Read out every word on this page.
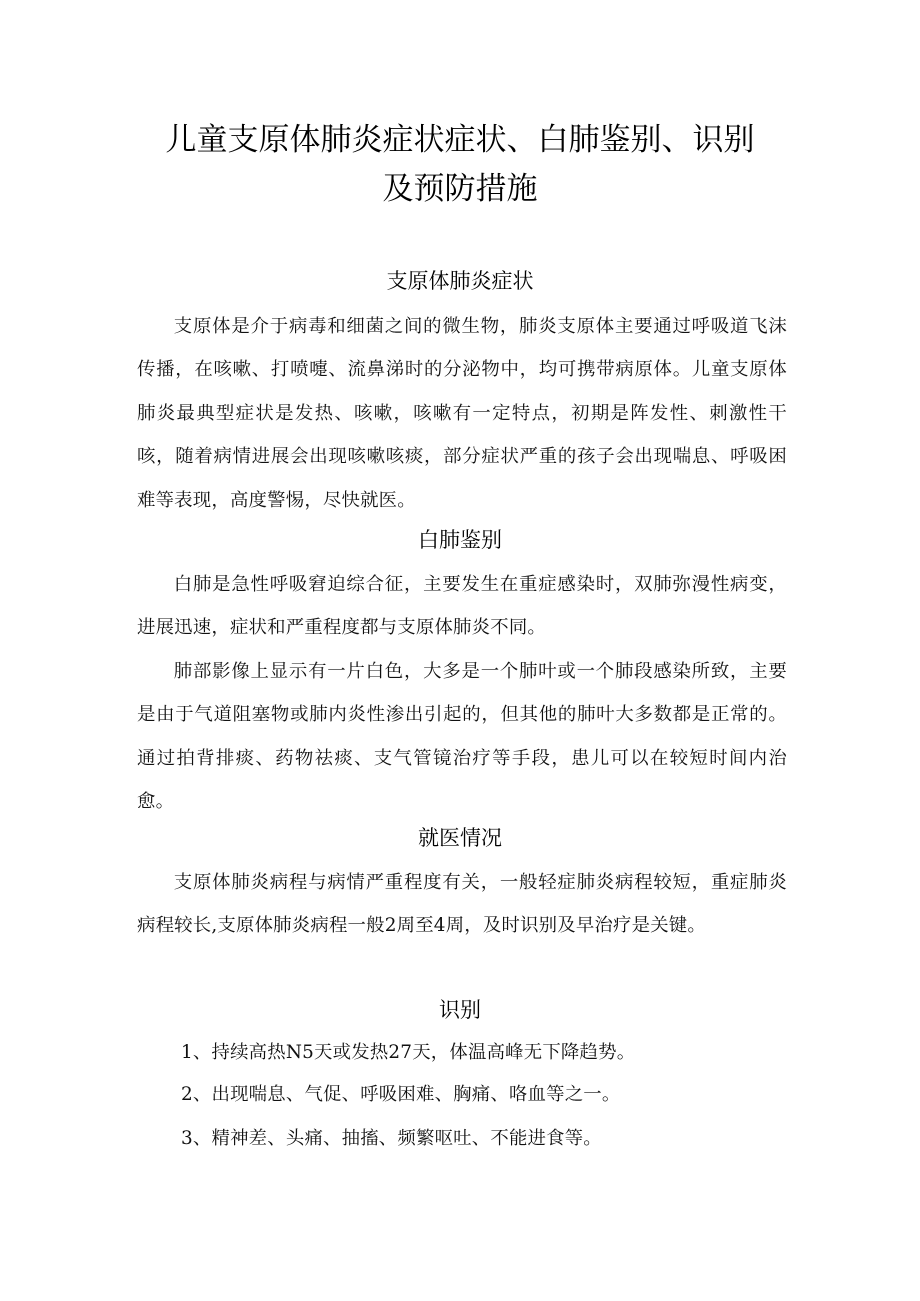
儿童支原体肺炎症状症状、白肺鉴别、识别
及预防措施
支原体肺炎症状

支原体是介于病毒和细菌之间的微生物，肺炎支原体主要通过呼吸道飞沫传播，在咳嗽、打喷嚏、流鼻涕时的分泌物中，均可携带病原体。儿童支原体肺炎最典型症状是发热、咳嗽，咳嗽有一定特点，初期是阵发性、刺激性干咳，随着病情进展会出现咳嗽咳痰，部分症状严重的孩子会出现喘息、呼吸困难等表现，高度警惕，尽快就医。

白肺鉴别

白肺是急性呼吸窘迫综合征，主要发生在重症感染时，双肺弥漫性病变，进展迅速，症状和严重程度都与支原体肺炎不同。

肺部影像上显示有一片白色，大多是一个肺叶或一个肺段感染所致，主要是由于气道阻塞物或肺内炎性渗出引起的，但其他的肺叶大多数都是正常的。通过拍背排痰、药物祛痰、支气管镜治疗等手段，患儿可以在较短时间内治愈。

就医情况

支原体肺炎病程与病情严重程度有关，一般轻症肺炎病程较短，重症肺炎病程较长,支原体肺炎病程一般2周至4周，及时识别及早治疗是关键。

识别

1、持续高热N5天或发热27天，体温高峰无下降趋势。

2、出现喘息、气促、呼吸困难、胸痛、咯血等之一。

3、精神差、头痛、抽搐、频繁呕吐、不能进食等。
